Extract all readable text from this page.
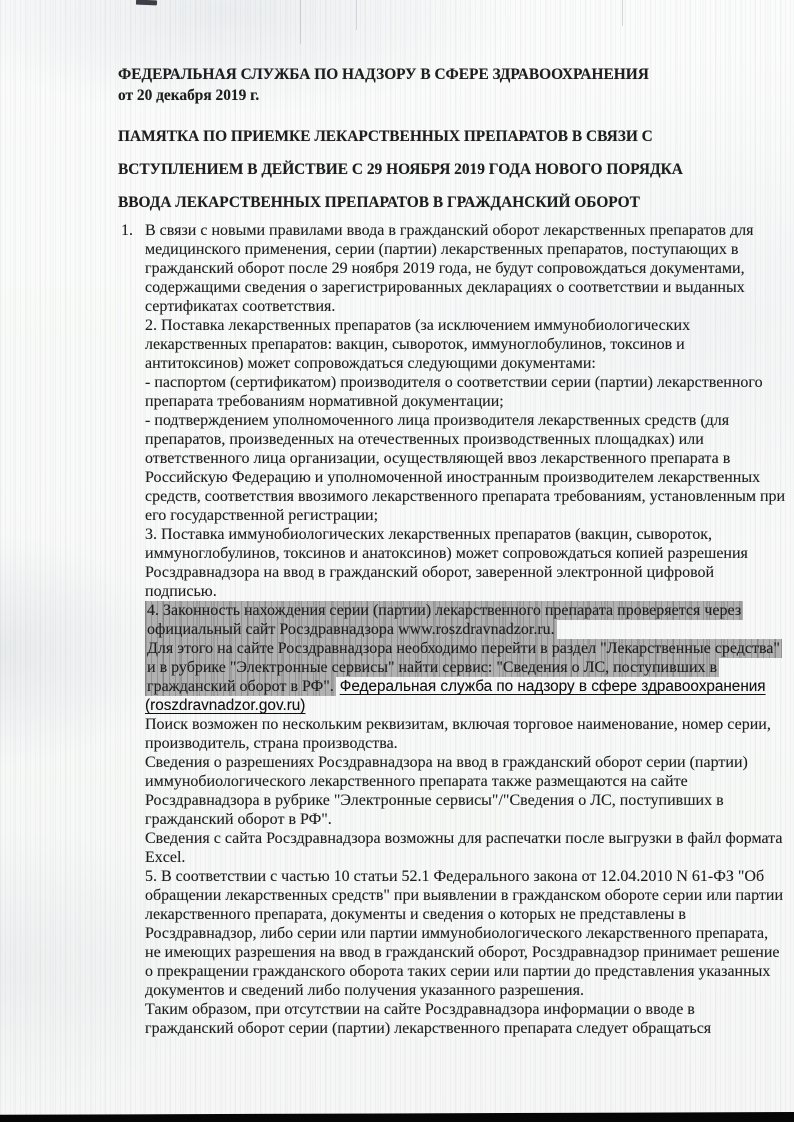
ФЕДЕРАЛЬНАЯ СЛУЖБА ПО НАДЗОРУ В СФЕРЕ ЗДРАВООХРАНЕНИЯ
от 20 декабря 2019 г.
ПАМЯТКА ПО ПРИЕМКЕ ЛЕКАРСТВЕННЫХ ПРЕПАРАТОВ В СВЯЗИ С
ВСТУПЛЕНИЕМ В ДЕЙСТВИЕ С 29 НОЯБРЯ 2019 ГОДА НОВОГО ПОРЯДКА
ВВОДА ЛЕКАРСТВЕННЫХ ПРЕПАРАТОВ В ГРАЖДАНСКИЙ ОБОРОТ
1. В связи с новыми правилами ввода в гражданский оборот лекарственных препаратов для медицинского применения, серии (партии) лекарственных препаратов, поступающих в гражданский оборот после 29 ноября 2019 года, не будут сопровождаться документами, содержащими сведения о зарегистрированных декларациях о соответствии и выданных сертификатах соответствия.
2. Поставка лекарственных препаратов (за исключением иммунобиологических лекарственных препаратов: вакцин, сывороток, иммуноглобулинов, токсинов и антитоксинов) может сопровождаться следующими документами:
- паспортом (сертификатом) производителя о соответствии серии (партии) лекарственного препарата требованиям нормативной документации;
- подтверждением уполномоченного лица производителя лекарственных средств (для препаратов, произведенных на отечественных производственных площадках) или ответственного лица организации, осуществляющей ввоз лекарственного препарата в Российскую Федерацию и уполномоченной иностранным производителем лекарственных средств, соответствия ввозимого лекарственного препарата требованиям, установленным при его государственной регистрации;
3. Поставка иммунобиологических лекарственных препаратов (вакцин, сывороток, иммуноглобулинов, токсинов и анатоксинов) может сопровождаться копией разрешения Росздравнадзора на ввод в гражданский оборот, заверенной электронной цифровой подписью.
4. Законность нахождения серии (партии) лекарственного препарата проверяется через официальный сайт Росздравнадзора www.roszdravnadzor.ru.
Для этого на сайте Росздравнадзора необходимо перейти в раздел "Лекарственные средства" и в рубрике "Электронные сервисы" найти сервис: "Сведения о ЛС, поступивших в гражданский оборот в РФ". Федеральная служба по надзору в сфере здравоохранения (roszdravnadzor.gov.ru)
Поиск возможен по нескольким реквизитам, включая торговое наименование, номер серии, производитель, страна производства.
Сведения о разрешениях Росздравнадзора на ввод в гражданский оборот серии (партии) иммунобиологического лекарственного препарата также размещаются на сайте Росздравнадзора в рубрике "Электронные сервисы"/"Сведения о ЛС, поступивших в гражданский оборот в РФ".
Сведения с сайта Росздравнадзора возможны для распечатки после выгрузки в файл формата Excel.
5. В соответствии с частью 10 статьи 52.1 Федерального закона от 12.04.2010 N 61-ФЗ "Об обращении лекарственных средств" при выявлении в гражданском обороте серии или партии лекарственного препарата, документы и сведения о которых не представлены в Росздравнадзор, либо серии или партии иммунобиологического лекарственного препарата, не имеющих разрешения на ввод в гражданский оборот, Росздравнадзор принимает решение о прекращении гражданского оборота таких серии или партии до представления указанных документов и сведений либо получения указанного разрешения.
Таким образом, при отсутствии на сайте Росздравнадзора информации о вводе в гражданский оборот серии (партии) лекарственного препарата следует обращаться
